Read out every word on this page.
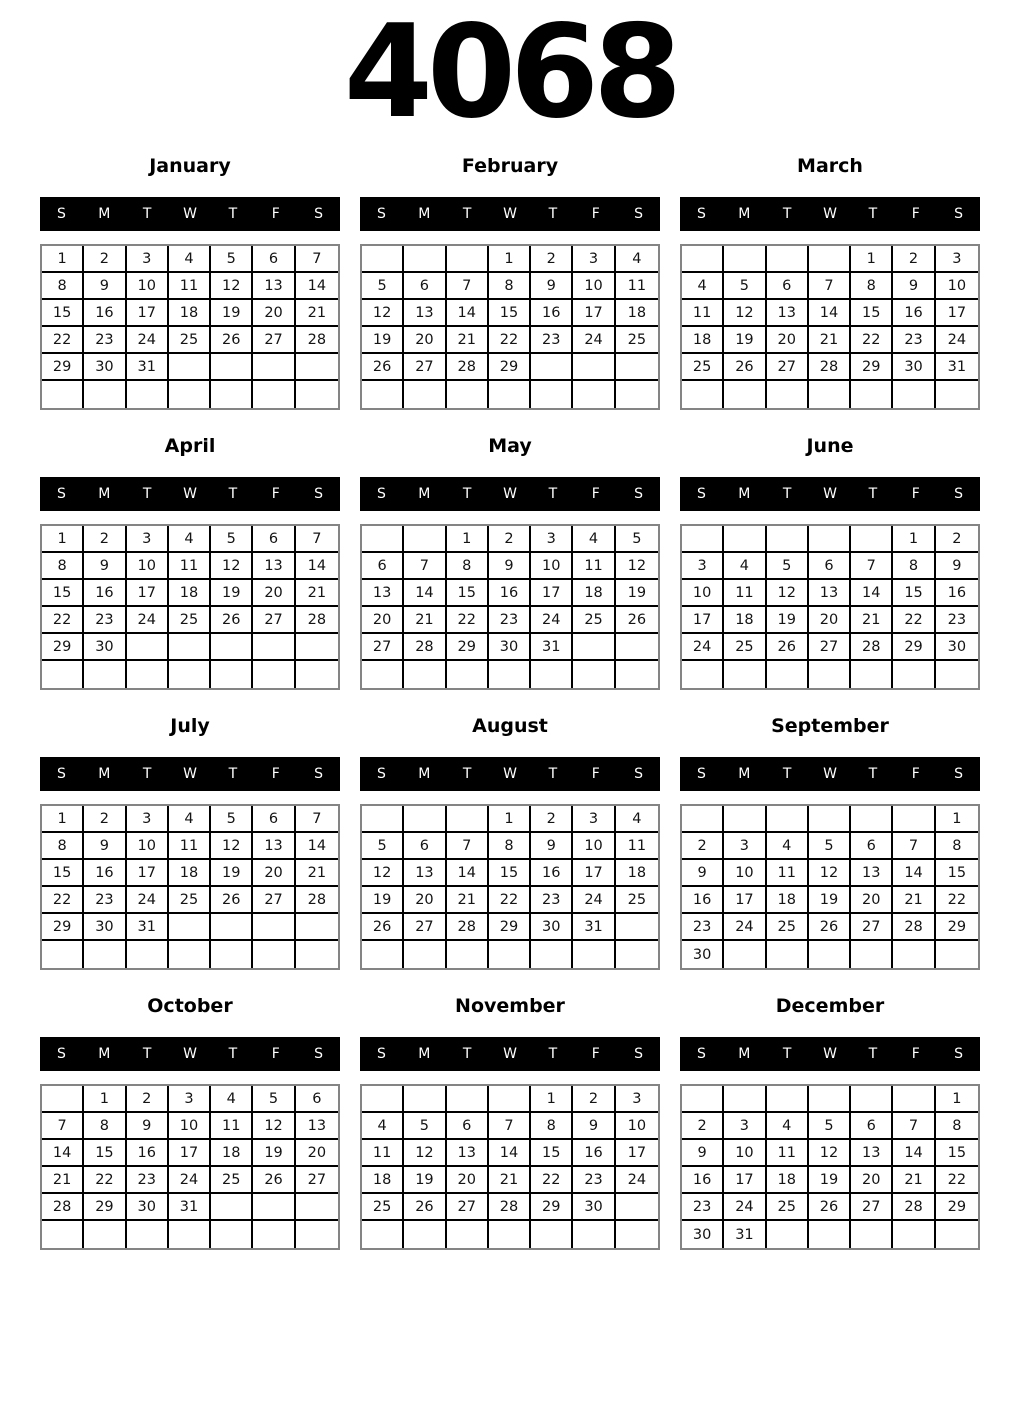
4068
January
S	M	T	W	T	F	S
1	2	3	4	5	6	7
8	9	10	11	12	13	14
15	16	17	18	19	20	21
22	23	24	25	26	27	28
29	30	31				

February
S	M	T	W	T	F	S
			1	2	3	4
5	6	7	8	9	10	11
12	13	14	15	16	17	18
19	20	21	22	23	24	25
26	27	28	29			

March
S	M	T	W	T	F	S
				1	2	3
4	5	6	7	8	9	10
11	12	13	14	15	16	17
18	19	20	21	22	23	24
25	26	27	28	29	30	31

April
S	M	T	W	T	F	S
1	2	3	4	5	6	7
8	9	10	11	12	13	14
15	16	17	18	19	20	21
22	23	24	25	26	27	28
29	30					

May
S	M	T	W	T	F	S
		1	2	3	4	5
6	7	8	9	10	11	12
13	14	15	16	17	18	19
20	21	22	23	24	25	26
27	28	29	30	31		

June
S	M	T	W	T	F	S
					1	2
3	4	5	6	7	8	9
10	11	12	13	14	15	16
17	18	19	20	21	22	23
24	25	26	27	28	29	30

July
S	M	T	W	T	F	S
1	2	3	4	5	6	7
8	9	10	11	12	13	14
15	16	17	18	19	20	21
22	23	24	25	26	27	28
29	30	31				

August
S	M	T	W	T	F	S
			1	2	3	4
5	6	7	8	9	10	11
12	13	14	15	16	17	18
19	20	21	22	23	24	25
26	27	28	29	30	31	

September
S	M	T	W	T	F	S
						1
2	3	4	5	6	7	8
9	10	11	12	13	14	15
16	17	18	19	20	21	22
23	24	25	26	27	28	29
30						
October
S	M	T	W	T	F	S
	1	2	3	4	5	6
7	8	9	10	11	12	13
14	15	16	17	18	19	20
21	22	23	24	25	26	27
28	29	30	31			

November
S	M	T	W	T	F	S
				1	2	3
4	5	6	7	8	9	10
11	12	13	14	15	16	17
18	19	20	21	22	23	24
25	26	27	28	29	30	

December
S	M	T	W	T	F	S
						1
2	3	4	5	6	7	8
9	10	11	12	13	14	15
16	17	18	19	20	21	22
23	24	25	26	27	28	29
30	31					
